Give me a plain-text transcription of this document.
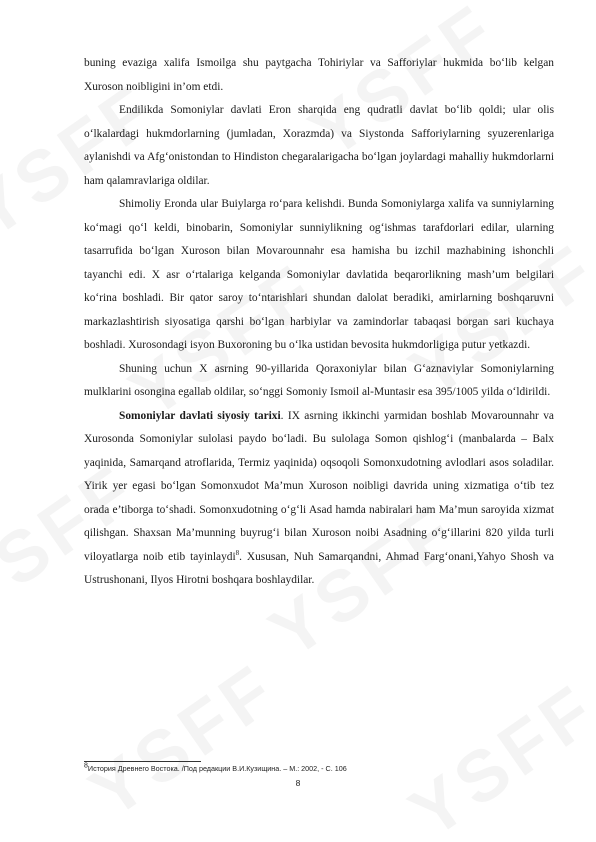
buning evaziga xalifa Ismoilga shu paytgacha Tohiriylar va Safforiylar hukmida bo‘lib kelgan Xuroson noibligini in’om etdi.

Endilikda Somoniylar davlati Eron sharqida eng qudratli davlat bo‘lib qoldi; ular olis o‘lkalardagi hukmdorlarning (jumladan, Xorazmda) va Siystonda Safforiylarning syuzerenlariga aylanishdi va Afg‘onistondan to Hindiston chegaralarigacha bo‘lgan joylardagi mahalliy hukmdorlarni ham qalamravlariga oldilar.

Shimoliy Eronda ular Buiylarga ro‘para kelishdi. Bunda Somoniylarga xalifa va sunniylarning ko‘magi qo‘l keldi, binobarin, Somoniylar sunniylikning og‘ishmas tarafdorlari edilar, ularning tasarrufida bo‘lgan Xuroson bilan Movarounnahr esa hamisha bu izchil mazhabining ishonchli tayanchi edi. X asr o‘rtalariga kelganda Somoniylar davlatida beqarorlikning mash’um belgilari ko‘rina boshladi. Bir qator saroy to‘ntarishlari shundan dalolat beradiki, amirlarning boshqaruvni markazlashtirish siyosatiga qarshi bo‘lgan harbiylar va zamindorlar tabaqasi borgan sari kuchaya boshladi. Xurosondagi isyon Buxoroning bu o‘lka ustidan bevosita hukmdorligiga putur yetkazdi.

Shuning uchun X asrning 90-yillarida Qoraxoniylar bilan G‘aznaviylar Somoniylarning mulklarini osongina egallab oldilar, so‘nggi Somoniy Ismoil al-Muntasir esa 395/1005 yilda o‘ldirildi.

Somoniylar davlati siyosiy tarixi. IX asrning ikkinchi yarmidan boshlab Movarounnahr va Xurosonda Somoniylar sulolasi paydo bo‘ladi. Bu sulolaga Somon qishlog‘i (manbalarda – Balx yaqinida, Samarqand atroflarida, Termiz yaqinida) oqsoqoli Somonxudotning avlodlari asos soladilar. Yirik yer egasi bo‘lgan Somonxudot Ma’mun Xuroson noibligi davrida uning xizmatiga o‘tib tez orada e’tiborga to‘shadi. Somonxudotning o‘g‘li Asad hamda nabiralari ham Ma’mun saroyida xizmat qilishgan. Shaxsan Ma’munning buyrug‘i bilan Xuroson noibi Asadning o‘g‘illarini 820 yilda turli viloyatlarga noib etib tayinlaydi$^8$. Xususan, Nuh Samarqandni, Ahmad Farg‘onani,Yahyo Shosh va Ustrushonani, Ilyos Hirotni boshqara boshlaydilar.

$^8$История Древнего Востока. /Под редакции В.И.Кузищина. – М.: 2002, - С. 106
8
